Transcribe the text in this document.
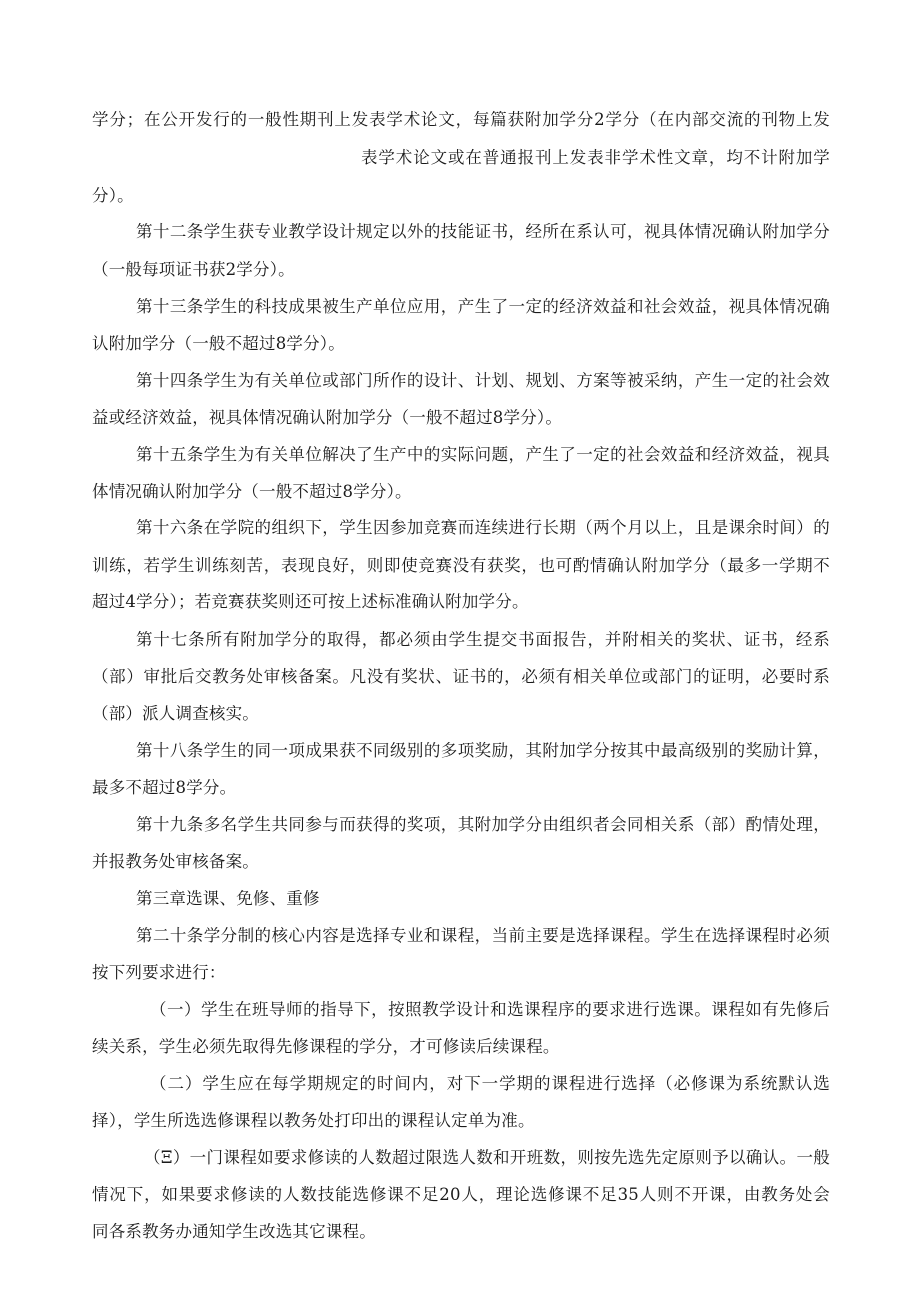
学分；在公开发行的一般性期刊上发表学术论文，每篇获附加学分2学分（在内部交流的刊物上发
表学术论文或在普通报刊上发表非学术性文章，均不计附加学
分）。
第十二条学生获专业教学设计规定以外的技能证书，经所在系认可，视具体情况确认附加学分
（一般每项证书获2学分）。
第十三条学生的科技成果被生产单位应用，产生了一定的经济效益和社会效益，视具体情况确
认附加学分（一般不超过8学分）。
第十四条学生为有关单位或部门所作的设计、计划、规划、方案等被采纳，产生一定的社会效
益或经济效益，视具体情况确认附加学分（一般不超过8学分）。
第十五条学生为有关单位解决了生产中的实际问题，产生了一定的社会效益和经济效益，视具
体情况确认附加学分（一般不超过8学分）。
第十六条在学院的组织下，学生因参加竞赛而连续进行长期（两个月以上，且是课余时间）的
训练，若学生训练刻苦，表现良好，则即使竞赛没有获奖，也可酌情确认附加学分（最多一学期不
超过4学分）；若竞赛获奖则还可按上述标准确认附加学分。
第十七条所有附加学分的取得，都必须由学生提交书面报告，并附相关的奖状、证书，经系
（部）审批后交教务处审核备案。凡没有奖状、证书的，必须有相关单位或部门的证明，必要时系
（部）派人调查核实。
第十八条学生的同一项成果获不同级别的多项奖励，其附加学分按其中最高级别的奖励计算，
最多不超过8学分。
第十九条多名学生共同参与而获得的奖项，其附加学分由组织者会同相关系（部）酌情处理，
并报教务处审核备案。
第三章选课、免修、重修
第二十条学分制的核心内容是选择专业和课程，当前主要是选择课程。学生在选择课程时必须
按下列要求进行：
（一）学生在班导师的指导下，按照教学设计和选课程序的要求进行选课。课程如有先修后
续关系，学生必须先取得先修课程的学分，才可修读后续课程。
（二）学生应在每学期规定的时间内，对下一学期的课程进行选择（必修课为系统默认选
择），学生所选选修课程以教务处打印出的课程认定单为准。
（Ξ）一门课程如要求修读的人数超过限选人数和开班数，则按先选先定原则予以确认。一般
情况下，如果要求修读的人数技能选修课不足20人，理论选修课不足35人则不开课，由教务处会
同各系教务办通知学生改选其它课程。
